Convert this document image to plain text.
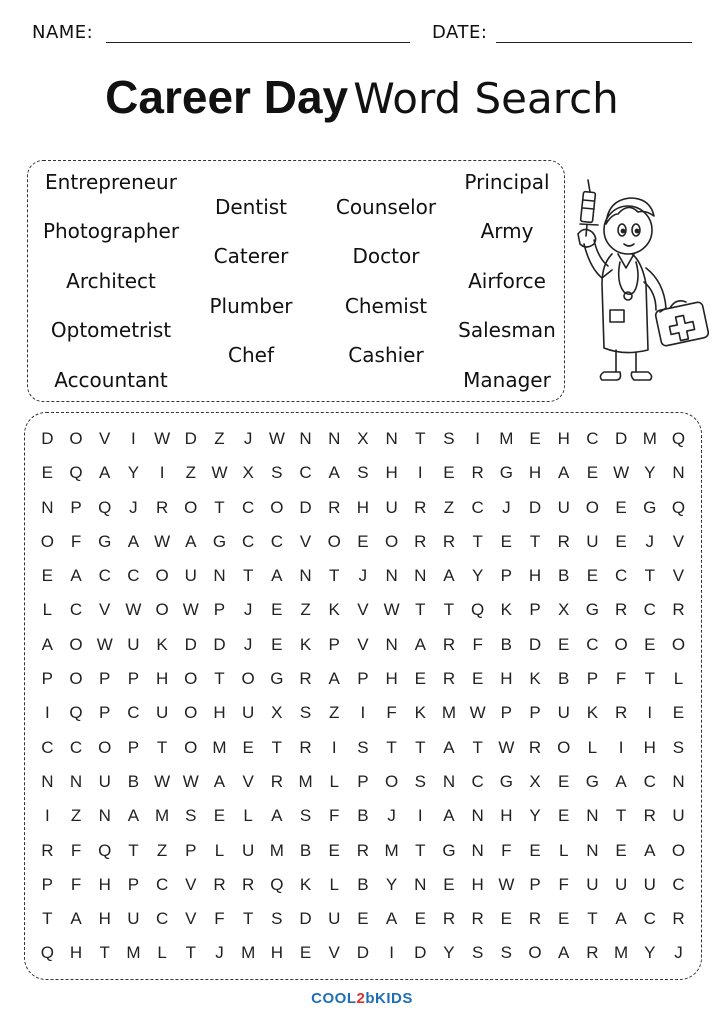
NAME:	DATE:
Career Day Word Search
Entrepreneur
Photographer
Architect
Optometrist
Accountant
Dentist
Caterer
Plumber
Chef
Counselor
Doctor
Chemist
Cashier
Principal
Army
Airforce
Salesman
Manager
D O V	I	W D	Z	J W N N X N	T	S	I	M E H C D M Q
E Q A	Y	I	Z W X	S C A	S H	I	E R G H A	E W Y N
N P Q	J	R O T	C O D R H U R	Z	C	J	D U O E G Q
O F G A W A G C C V O E O R R	T	E	T	R U E	J	V
E	A C C O U N	T	A N	T	J	N N A	Y	P H B	E C	T	V
L	C V W O W P	J	E	Z	K	V W T	T Q K	P	X G R C R
A O W U K D D	J	E	K	P	V N A R	F	B D E C O E O
P O P	P H O T O G R A	P H E R E H K	B	P	F	T	L
I	Q P C U O H U X	S	Z	I	F	K M W P	P U K R	I	E
C C O P	T O M E	T	R	I	S	T	T	A	T W R O	L	I	H S
N N U B W W A	V R M L	P O S N C G X	E G A C N
I	Z	N A M S	E	L	A	S	F	B	J	I	A N H Y	E N	T	R U
R	F Q T	Z	P	L	U M B	E R M T G N	F	E	L	N E	A O
P	F	H P C V R R Q K	L	B	Y N E H W P	F	U U U C
T	A H U C V	F	T	S D U E	A	E R R E R E	T	A C R
Q H	T M L	T	J	M H E	V D	I	D Y	S	S O A R M Y	J
COOL2bKIDS
